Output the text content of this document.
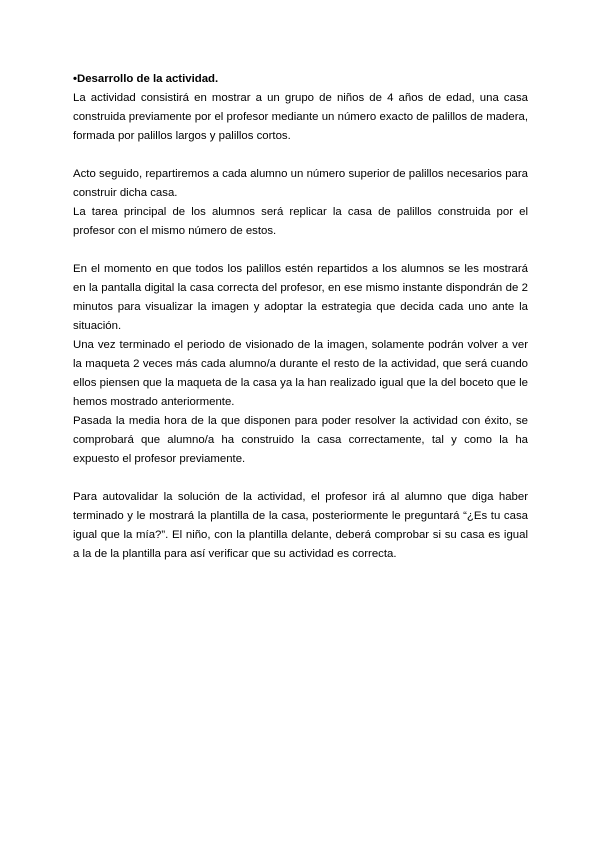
•Desarrollo de la actividad.

La actividad consistirá en mostrar a un grupo de niños de 4 años de edad, una casa construida previamente por el profesor mediante un número exacto de palillos de madera, formada por palillos largos y palillos cortos.

Acto seguido, repartiremos a cada alumno un número superior de palillos necesarios para construir dicha casa.

La tarea principal de los alumnos será replicar la casa de palillos construida por el profesor con el mismo número de estos.

En el momento en que todos los palillos estén repartidos a los alumnos se les mostrará en la pantalla digital la casa correcta del profesor, en ese mismo instante dispondrán de 2 minutos para visualizar la imagen y adoptar la estrategia que decida cada uno ante la situación.

Una vez terminado el periodo de visionado de la imagen, solamente podrán volver a ver la maqueta 2 veces más cada alumno/a durante el resto de la actividad, que será cuando ellos piensen que la maqueta de la casa ya la han realizado igual que la del boceto que le hemos mostrado anteriormente.

Pasada la media hora de la que disponen para poder resolver la actividad con éxito, se comprobará que alumno/a ha construido la casa correctamente, tal y como la ha expuesto el profesor previamente.

Para autovalidar la solución de la actividad, el profesor irá al alumno que diga haber terminado y le mostrará la plantilla de la casa, posteriormente le preguntará “¿Es tu casa igual que la mía?”. El niño, con la plantilla delante, deberá comprobar si su casa es igual a la de la plantilla para así verificar que su actividad es correcta.
